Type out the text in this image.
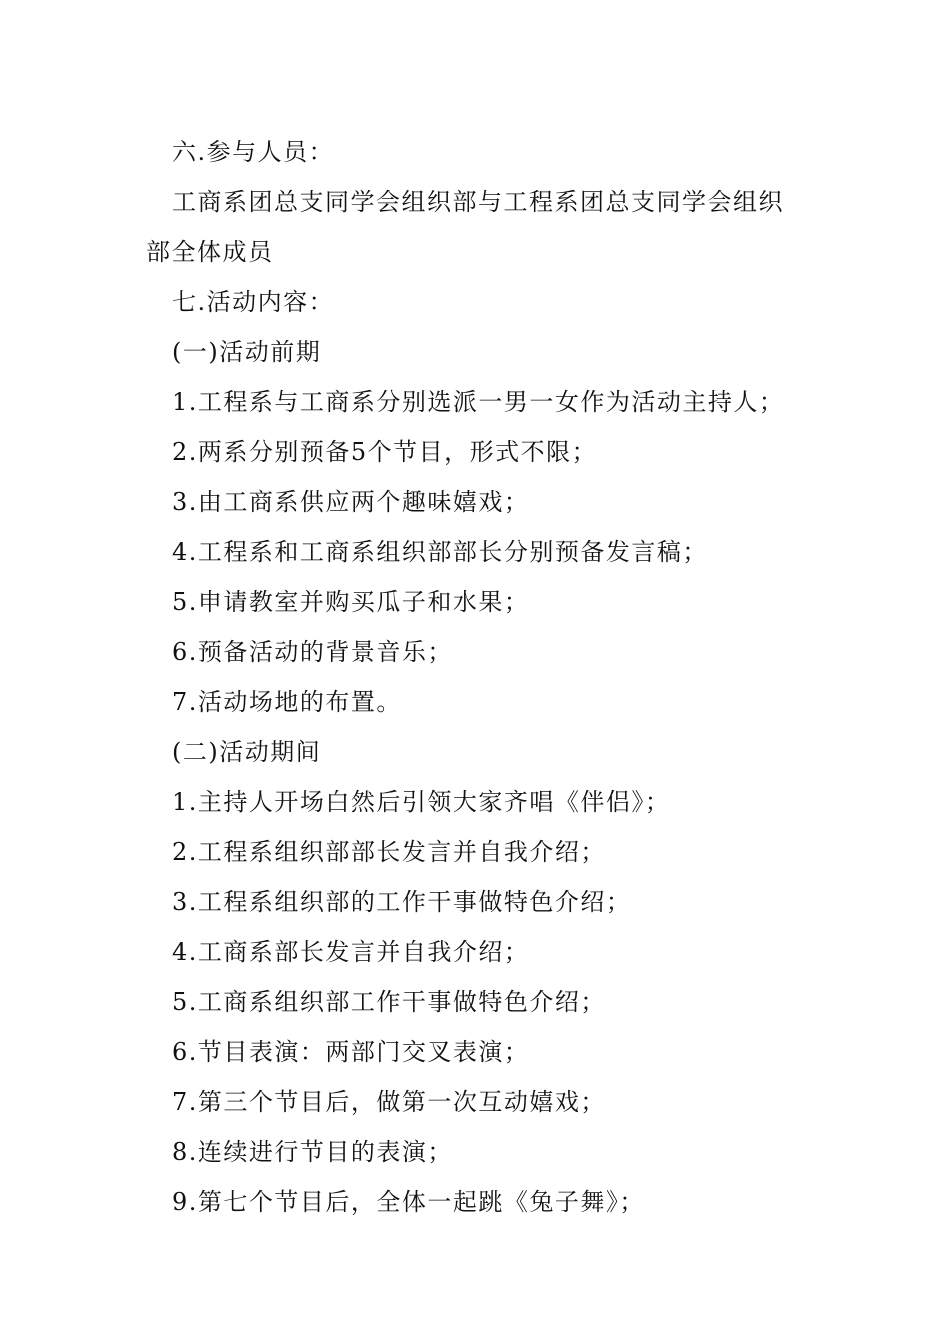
六.参与人员：
工商系团总支同学会组织部与工程系团总支同学会组织
部全体成员
七.活动内容：
(一)活动前期
1.工程系与工商系分别选派一男一女作为活动主持人；
2.两系分别预备5个节目，形式不限；
3.由工商系供应两个趣味嬉戏；
4.工程系和工商系组织部部长分别预备发言稿；
5.申请教室并购买瓜子和水果；
6.预备活动的背景音乐；
7.活动场地的布置。
(二)活动期间
1.主持人开场白然后引领大家齐唱《伴侣》；
2.工程系组织部部长发言并自我介绍；
3.工程系组织部的工作干事做特色介绍；
4.工商系部长发言并自我介绍；
5.工商系组织部工作干事做特色介绍；
6.节目表演：两部门交叉表演；
7.第三个节目后，做第一次互动嬉戏；
8.连续进行节目的表演；
9.第七个节目后，全体一起跳《兔子舞》；
